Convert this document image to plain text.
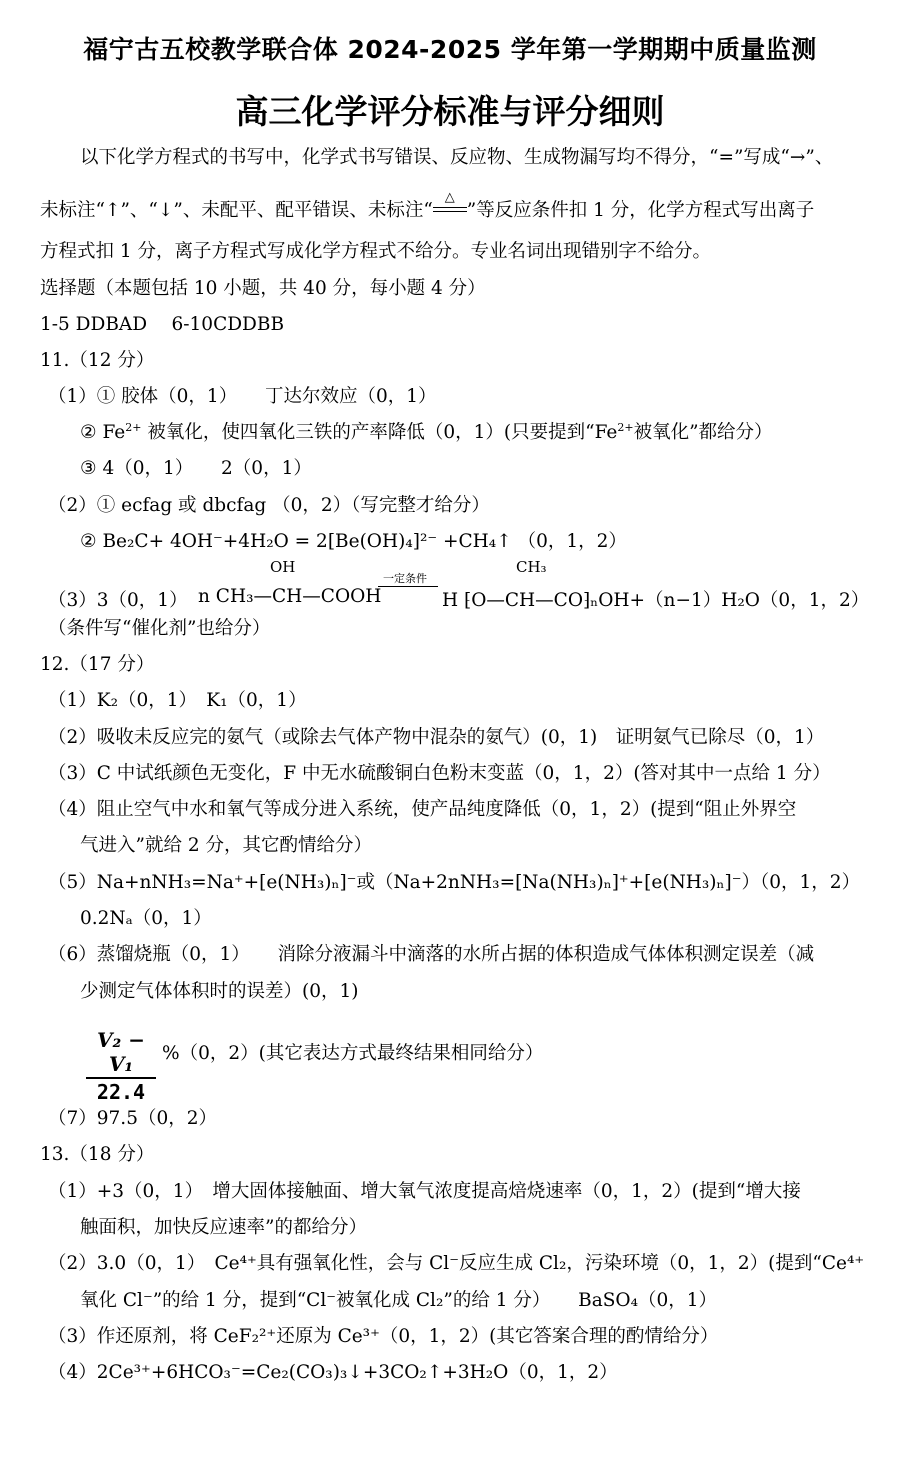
福宁古五校教学联合体 2024-2025 学年第一学期期中质量监测
高三化学评分标准与评分细则
以下化学方程式的书写中，化学式书写错误、反应物、生成物漏写均不得分，“=”写成“→”、
未标注“↑”、“↓”、未配平、配平错误、未标注“
△
”等反应条件扣 1 分，化学方程式写出离子
方程式扣 1 分，离子方程式写成化学方程式不给分。专业名词出现错别字不给分。
选择题（本题包括 10 小题，共 40 分，每小题 4 分）
1-5 DDBAD　 6-10CDDBB
11.（12 分）
（1）① 胶体（0，1）　　丁达尔效应（0，1）
② $Fe^{2+}$ 被氧化，使四氧化三铁的产率降低（0，1）(只要提到“$Fe^{2+}$被氧化”都给分）
③ 4（0，1）　　2（0，1）
（2）① ecfag 或 dbcfag （0，2）（写完整才给分）
② Be₂C+ 4OH⁻+4H₂O = 2[Be(OH)₄]²⁻ +CH₄↑ （0，1，2）
（3）3（0，1） n CH₃—CH—COOH
OH
一定条件
H ⁅O—CH—CO⁆ₙOH+（n−1）H₂O（0，1，2）
CH₃
（条件写“催化剂”也给分）
12.（17 分）
（1）K₂（0，1）　K₁（0，1）
（2）吸收未反应完的氨气（或除去气体产物中混杂的氨气）(0，1)　证明氨气已除尽（0，1）
（3）C 中试纸颜色无变化，F 中无水硫酸铜白色粉末变蓝（0，1，2）(答对其中一点给 1 分）
（4）阻止空气中水和氧气等成分进入系统，使产品纯度降低（0，1，2）(提到“阻止外界空
气进入”就给 2 分，其它酌情给分）
（5）Na+nNH₃=Na⁺+[e(NH₃)ₙ]⁻或（Na+2nNH₃=[Na(NH₃)ₙ]⁺+[e(NH₃)ₙ]⁻）（0，1，2）
0.2Nₐ（0，1）
（6）蒸馏烧瓶（0，1）　　消除分液漏斗中滴落的水所占据的体积造成气体体积测定误差（减
少测定气体体积时的误差）(0，1)
V₂ − V₁
22.4
%（0，2）(其它表达方式最终结果相同给分）
（7）97.5（0，2）
13.（18 分）
（1）+3（0，1）　增大固体接触面、增大氧气浓度提高焙烧速率（0，1，2）(提到“增大接
触面积，加快反应速率”的都给分）
（2）3.0（0，1）　Ce⁴⁺具有强氧化性，会与 Cl⁻反应生成 Cl₂，污染环境（0，1，2）(提到“Ce⁴⁺
氧化 Cl⁻”的给 1 分，提到“Cl⁻被氧化成 Cl₂”的给 1 分）　　BaSO₄（0，1）
（3）作还原剂，将 CeF₂²⁺还原为 Ce³⁺（0，1，2）(其它答案合理的酌情给分）
（4）2Ce³⁺+6HCO₃⁻=Ce₂(CO₃)₃↓+3CO₂↑+3H₂O（0，1，2）
